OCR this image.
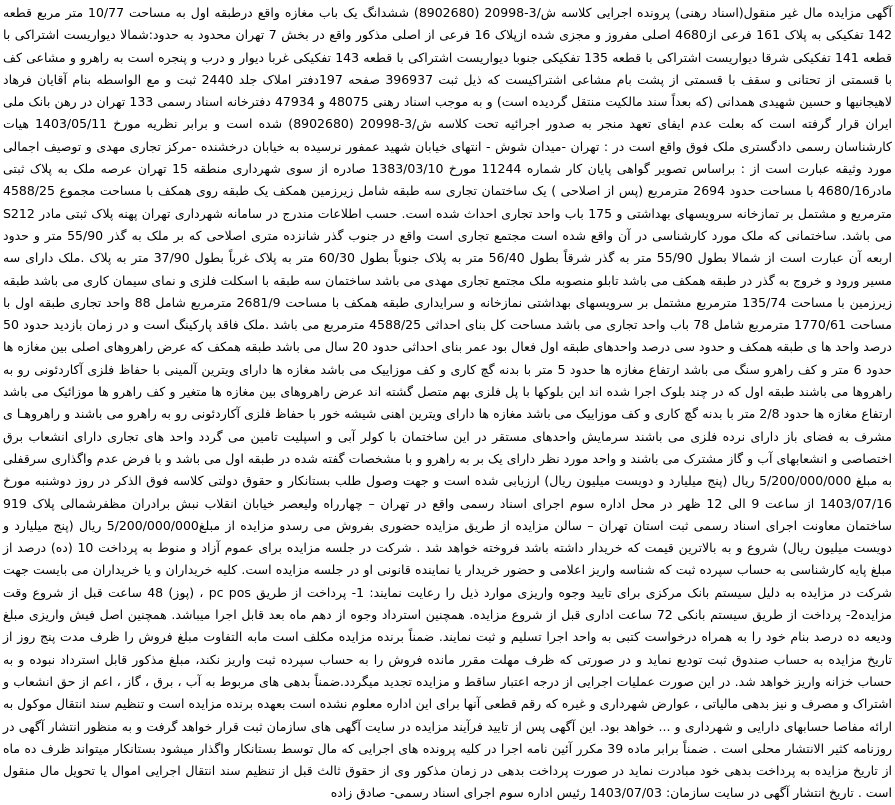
آگهی مزایده مال غیر منقول(اسناد رهنی) پرونده اجرایی کلاسه ش/3-20998 (8902680) ششدانگ یک باب مغازه واقع درطبقه اول به مساحت 10/77 متر مربع قطعه 142 تفکیکی به پلاک 161 فرعی از4680 اصلی مفروز و مجزی شده ازپلاک 16 فرعی از اصلی مذکور واقع در بخش 7 تهران محدود به حدود:شمالا دیواریست اشتراکی با قطعه 141 تفکیکی شرقا دیواریست اشتراکی با قطعه 135 تفکیکی جنوبا دیواریست اشتراکی با قطعه 143 تفکیکی غربا دیوار و درب و پنجره است به راهرو و مشاعی کف با قسمتی از تحتانی و سقف با قسمتی از پشت بام مشاعی اشتراکیست که ذیل ثبت 396937 صفحه 197دفتر املاک جلد 2440 ثبت و مع الواسطه بنام آقایان فرهاد لاهیجانیها و حسین شهیدی همدانی (که بعداً سند مالکیت منتقل گردیده است) و به موجب اسناد رهنی 48075 و 47934 دفترخانه اسناد رسمی 133 تهران در رهن بانک ملی ایران قرار گرفته است که بعلت عدم ایفای تعهد منجر به صدور اجرائیه تحت کلاسه ش/3-20998 (8902680) شده است و برابر نظریه مورخ 1403/05/11 هیات کارشناسان رسمی دادگستری ملک فوق واقع است در : تهران -میدان شوش - انتهای خیابان شهید عمفور نرسیده به خیابان درخشنده -مرکز تجاری مهدی و توصیف اجمالی مورد وثیقه عبارت است از : براساس تصویر گواهی پایان کار شماره 11244 مورخ 1383/03/10 صادره از سوی شهرداری منطقه 15 تهران عرصه ملک به پلاک ثبتی مادر4680/16 با مساحت حدود 2694 مترمربع (پس از اصلاحی ) یک ساختمان تجاری سه طبقه شامل زیرزمین همکف یک طبقه روی همکف با مساحت مجموع 4588/25 مترمربع و مشتمل بر تمازخانه سرویسهای بهداشتی و 175 باب واحد تجاری احداث شده است. حسب اطلاعات مندرج در سامانه شهرداری تهران پهنه پلاک ثبتی مادر S212 می باشد. ساختمانی که ملک مورد کارشناسی در آن واقع شده است مجتمع تجاری است واقع در جنوب گذر شانزده متری اصلاحی که بر ملک به گذر 55/90 متر و حدود اربعه آن عبارت است از شمالا بطول 55/90 متر به گذر شرقاً بطول 56/40 متر به پلاک جنوباً بطول 60/30 متر به پلاک غرباً بطول 37/90 متر به پلاک .ملک دارای سه مسیر ورود و خروج به گذر در طبقه همکف می باشد تابلو منصوبه ملک مجتمع تجاری مهدی می باشد ساختمان سه طبقه با اسکلت فلزی و نمای سیمان کاری می باشد طبقه زیرزمین با مساحت 135/74 مترمربع مشتمل بر سرویسهای بهداشتی نمازخانه و سرایداری طبقه همکف با مساحت 2681/9 مترمربع شامل 88 واحد تجاری طبقه اول با مساحت 1770/61 مترمربع شامل 78 باب واحد تجاری می باشد مساحت کل بنای احداثی 4588/25 مترمربع می باشد .ملک فاقد پارکینگ است و در زمان بازدید حدود 50 درصد واحد ها ی طبقه همکف و حدود سی درصد واحدهای طبقه اول فعال بود عمر بنای احداثی حدود 20 سال می باشد طبقه همکف که عرض راهروهای اصلی بین مغازه ها حدود 6 متر و کف راهرو سنگ می باشد ارتفاع مغازه ها حدود 5 متر با بدنه گچ کاری و کف موزاییک می باشد مغازه ها دارای ویترین آلمینی با حفاظ فلزی آکاردئونی رو به راهروها می باشند طبقه اول که در چند بلوک اجرا شده اند این بلوکها با پل فلزی بهم متصل گشته اند عرض راهروهای بین مغازه ها متغیر و کف راهرو ها موزائیک می باشد ارتفاع مغازه ها حدود 2/8 متر با بدنه گچ کاری و کف موزاییک می باشد مغازه ها دارای ویترین اهنی شیشه خور با حفاظ فلزی آکاردئونی رو به راهرو می باشند و راهروهـا ی مشرف به فضای باز دارای نرده فلزی می باشند سرمایش واحدهای مستقر در این ساختمان با کولر آبی و اسپلیت تامین می گردد واحد های تجاری دارای انشعاب برق اختصاصی و انشعابهای آب و گاز مشترک می باشند و واحد مورد نظر دارای یک بر به راهرو و با مشخصات گفته شده در طبقه اول می باشد و با فرض عدم واگذاری سرقفلی به مبلغ 5/200/000/000 ریال (پنج میلیارد و دویست میلیون ریال) ارزیابی شده است و جهت وصول طلب بستانکار و حقوق دولتی کلاسه فوق الذکر در روز دوشنبه مورخ 1403/07/16 از ساعت 9 الی 12 ظهر در محل اداره سوم اجرای اسناد رسمی واقع در تهران – چهارراه ولیعصر خیابان انقلاب نبش برادران مظفرشمالی پلاک 919 ساختمان معاونت اجرای اسناد رسمی ثبت استان تهران – سالن مزایده از طریق مزایده حضوری بفروش می رسدو مزایده از مبلغ5/200/000/000 ریال (پنج میلیارد و دویست میلیون ریال) شروع و به بالاترین قیمت که خریدار داشته باشد فروخته خواهد شد . شرکت در جلسه مزایده برای عموم آزاد و منوط به پرداخت 10 (ده) درصد از مبلغ پایه کارشناسی به حساب سپرده ثبت که شناسه واریز اعلامی و حضور خریدار یا نماینده قانونی او در جلسه مزایده است. کلیه خریداران و یا خریداران می بایست جهت شرکت در مزایده به دلیل سیستم بانک مرکزی برای تایید وجوه واریزی موارد ذیل را رعایت نمایند: 1- پرداخت از طریق pc pos ، (پوز) 48 ساعت قبل از شروع وقت مزایده2- پرداخت از طریق سیستم بانکی 72 ساعت اداری قبل از شروع مزایده. همچنین استرداد وجوه از دهم ماه بعد قابل اجرا میباشد. همچنین اصل فیش واریزی مبلغ ودیعه ده درصد بنام خود را به همراه درخواست کتبی به واحد اجرا تسلیم و ثبت نمایند. ضمناً برنده مزایده مکلف است مابه التفاوت مبلغ فروش را ظرف مدت پنج روز از تاریخ مزایده به حساب صندوق ثبت تودیع نماید و در صورتی که ظرف مهلت مقرر مانده فروش را به حساب سپرده ثبت واریز نکند، مبلغ مذکور قابل استرداد نبوده و به حساب خزانه واریز خواهد شد. در این صورت عملیات اجرایی از درجه اعتبار ساقط و مزایده تجدید میگردد.ضمناً بدهی های مربوط به آب ، برق ، گاز ، اعم از حق انشعاب و اشتراک و مصرف و نیز بدهی مالیاتی ، عوارض شهرداری و غیره که رقم قطعی آنها برای این اداره معلوم نشده است بعهده برنده مزایده است و تنظیم سند انتقال موکول به ارائه مفاصا حسابهای دارایی و شهرداری و ... خواهد بود. این آگهی پس از تایید فرآیند مزایده در سایت آگهی های سازمان ثبت قرار خواهد گرفت و به منظور انتشار آگهی در روزنامه کثیر الانتشار محلی است . ضمناً برابر ماده 39 مکرر آئین نامه اجرا در کلیه پرونده های اجرایی که مال توسط بستانکار واگذار میشود بستانکار میتواند ظرف ده ماه از تاریخ مزایده به پرداخت بدهی خود مبادرت نماید در صورت پرداخت بدهی در زمان مذکور وی از حقوق ثالث قبل از تنظیم سند انتقال اجرایی اموال یا تحویل مال منقول است . تاریخ انتشار آگهی در سایت سازمان: 1403/07/03 رئیس اداره سوم اجرای اسناد رسمی- صادق زاده
